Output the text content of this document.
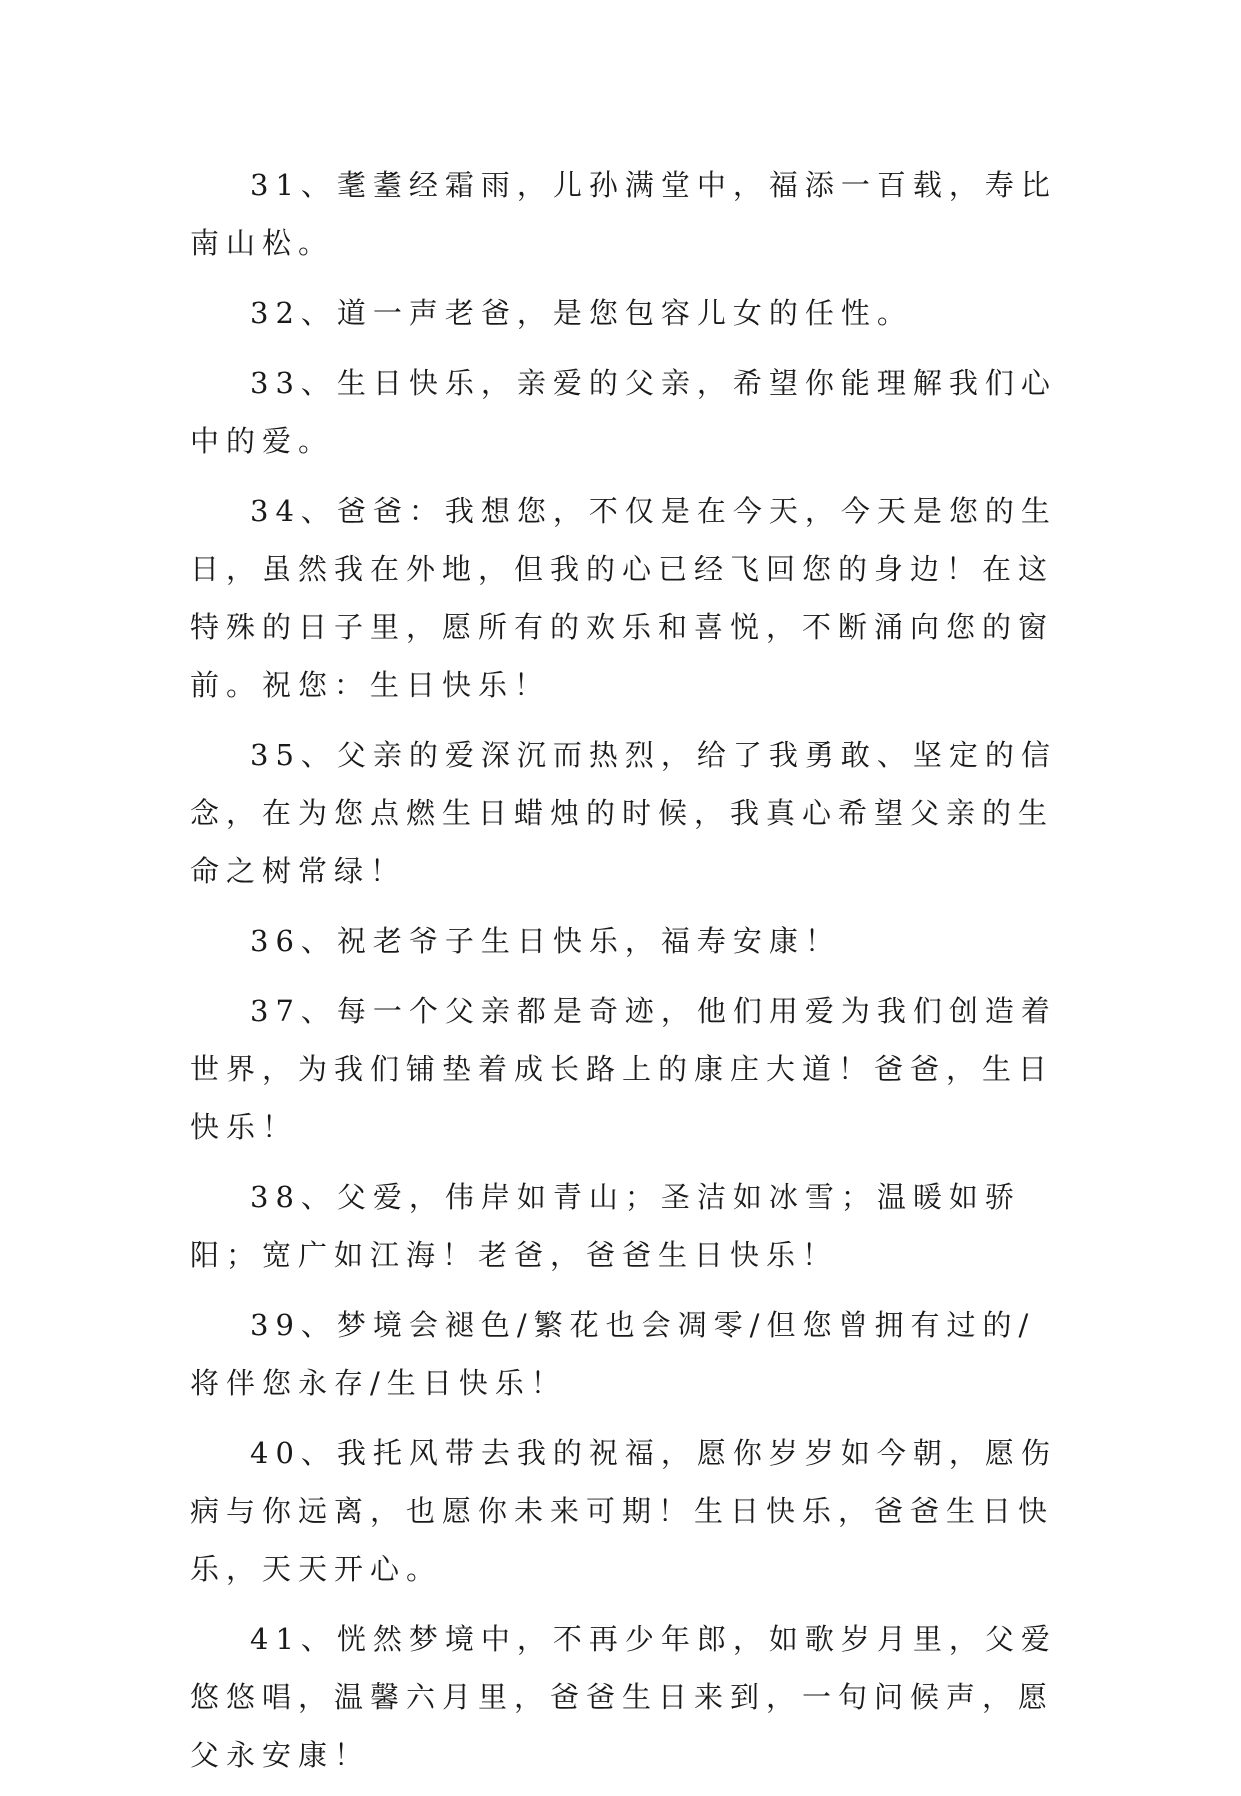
31、耄耋经霜雨，儿孙满堂中，福添一百载，寿比南山松。

32、道一声老爸，是您包容儿女的任性。

33、生日快乐，亲爱的父亲，希望你能理解我们心中的爱。

34、爸爸：我想您，不仅是在今天，今天是您的生日，虽然我在外地，但我的心已经飞回您的身边！在这特殊的日子里，愿所有的欢乐和喜悦，不断涌向您的窗前。祝您：生日快乐！

35、父亲的爱深沉而热烈，给了我勇敢、坚定的信念，在为您点燃生日蜡烛的时候，我真心希望父亲的生命之树常绿！

36、祝老爷子生日快乐，福寿安康！

37、每一个父亲都是奇迹，他们用爱为我们创造着世界，为我们铺垫着成长路上的康庄大道！爸爸，生日快乐！

38、父爱，伟岸如青山；圣洁如冰雪；温暖如骄阳；宽广如江海！老爸，爸爸生日快乐！

39、梦境会褪色/繁花也会凋零/但您曾拥有过的/将伴您永存/生日快乐！

40、我托风带去我的祝福，愿你岁岁如今朝，愿伤病与你远离，也愿你未来可期！生日快乐，爸爸生日快乐，天天开心。

41、恍然梦境中，不再少年郎，如歌岁月里，父爱悠悠唱，温馨六月里，爸爸生日来到，一句问候声，愿父永安康！
